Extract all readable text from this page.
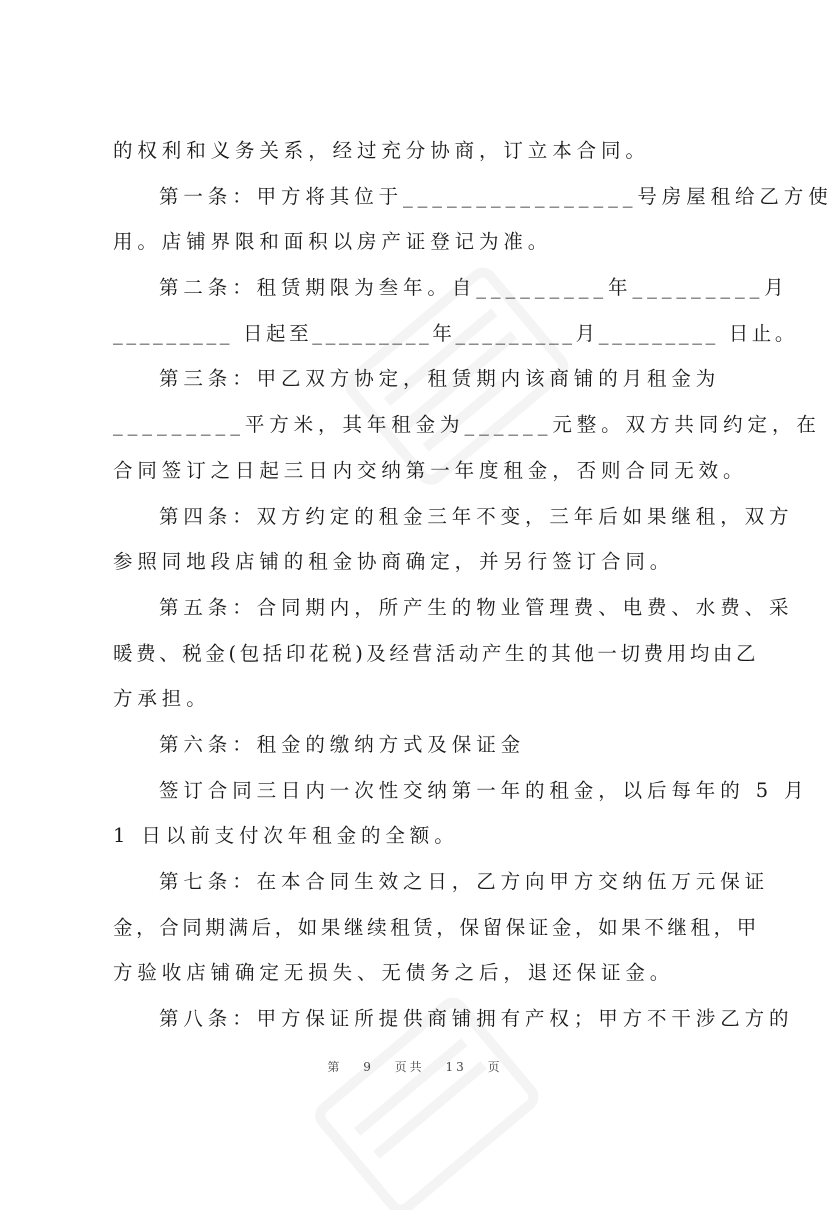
的权利和义务关系，经过充分协商，订立本合同。
第一条：甲方将其位于________________号房屋租给乙方使
用。店铺界限和面积以房产证登记为准。
第二条：租赁期限为叁年。自_________年_________月
_________ 日起至_________年_________月_________ 日止。
第三条：甲乙双方协定，租赁期内该商铺的月租金为
_________平方米，其年租金为______元整。双方共同约定，在
合同签订之日起三日内交纳第一年度租金，否则合同无效。
第四条：双方约定的租金三年不变，三年后如果继租，双方
参照同地段店铺的租金协商确定，并另行签订合同。
第五条：合同期内，所产生的物业管理费、电费、水费、采
暖费、税金(包括印花税)及经营活动产生的其他一切费用均由乙
方承担。
第六条：租金的缴纳方式及保证金
签订合同三日内一次性交纳第一年的租金，以后每年的 5 月
1 日以前支付次年租金的全额。
第七条：在本合同生效之日，乙方向甲方交纳伍万元保证
金，合同期满后，如果继续租赁，保留保证金，如果不继租，甲
方验收店铺确定无损失、无债务之后，退还保证金。
第八条：甲方保证所提供商铺拥有产权；甲方不干涉乙方的
第 9 页共 13 页
